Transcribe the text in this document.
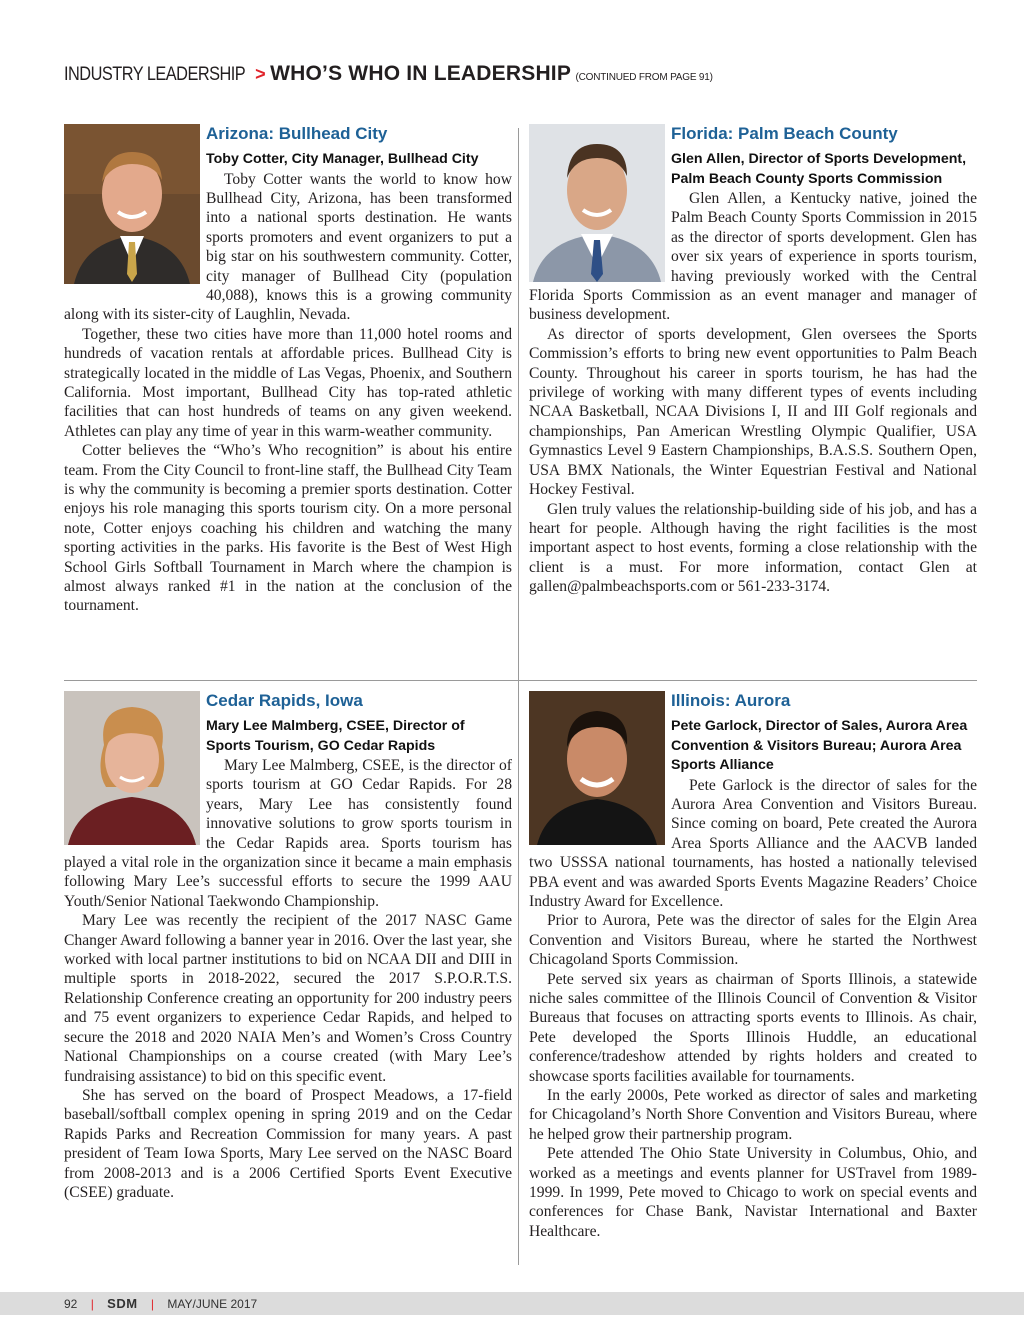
INDUSTRY LEADERSHIP > WHO’S WHO IN LEADERSHIP (CONTINUED FROM PAGE 91)
Arizona: Bullhead City
Toby Cotter, City Manager, Bullhead City

Toby Cotter wants the world to know how Bullhead City, Arizona, has been transformed into a national sports destination. He wants sports promoters and event organizers to put a big star on his southwestern community. Cotter, city manager of Bullhead City (population 40,088), knows this is a growing community along with its sister-city of Laughlin, Nevada.

Together, these two cities have more than 11,000 hotel rooms and hundreds of vacation rentals at affordable prices. Bullhead City is strategically located in the middle of Las Vegas, Phoenix, and Southern California. Most important, Bullhead City has top-rated athletic facilities that can host hundreds of teams on any given weekend. Athletes can play any time of year in this warm-weather community.

Cotter believes the “Who’s Who recognition” is about his entire team. From the City Council to front-line staff, the Bullhead City Team is why the community is becoming a premier sports destination. Cotter enjoys his role managing this sports tourism city. On a more personal note, Cotter enjoys coaching his children and watching the many sporting activities in the parks. His favorite is the Best of West High School Girls Softball Tournament in March where the champion is almost always ranked #1 in the nation at the conclusion of the tournament.

Florida: Palm Beach County
Glen Allen, Director of Sports Development, Palm Beach County Sports Commission

Glen Allen, a Kentucky native, joined the Palm Beach County Sports Commission in 2015 as the director of sports development. Glen has over six years of experience in sports tourism, having previously worked with the Central Florida Sports Commission as an event manager and manager of business development.

As director of sports development, Glen oversees the Sports Commission’s efforts to bring new event opportunities to Palm Beach County. Throughout his career in sports tourism, he has had the privilege of working with many different types of events including NCAA Basketball, NCAA Divisions I, II and III Golf regionals and championships, Pan American Wrestling Olympic Qualifier, USA Gymnastics Level 9 Eastern Championships, B.A.S.S. Southern Open, USA BMX Nationals, the Winter Equestrian Festival and National Hockey Festival.

Glen truly values the relationship-building side of his job, and has a heart for people. Although having the right facilities is the most important aspect to host events, forming a close relationship with the client is a must. For more information, contact Glen at gallen@palmbeachsports.com or 561-233-3174.

Cedar Rapids, Iowa
Mary Lee Malmberg, CSEE, Director of Sports Tourism, GO Cedar Rapids

Mary Lee Malmberg, CSEE, is the director of sports tourism at GO Cedar Rapids. For 28 years, Mary Lee has consistently found innovative solutions to grow sports tourism in the Cedar Rapids area. Sports tourism has played a vital role in the organization since it became a main emphasis following Mary Lee’s successful efforts to secure the 1999 AAU Youth/Senior National Taekwondo Championship.

Mary Lee was recently the recipient of the 2017 NASC Game Changer Award following a banner year in 2016. Over the last year, she worked with local partner institutions to bid on NCAA DII and DIII in multiple sports in 2018-2022, secured the 2017 S.P.O.R.T.S. Relationship Conference creating an opportunity for 200 industry peers and 75 event organizers to experience Cedar Rapids, and helped to secure the 2018 and 2020 NAIA Men’s and Women’s Cross Country National Championships on a course created (with Mary Lee’s fundraising assistance) to bid on this specific event.

She has served on the board of Prospect Meadows, a 17-field baseball/softball complex opening in spring 2019 and on the Cedar Rapids Parks and Recreation Commission for many years. A past president of Team Iowa Sports, Mary Lee served on the NASC Board from 2008-2013 and is a 2006 Certified Sports Event Executive (CSEE) graduate.

Illinois: Aurora
Pete Garlock, Director of Sales, Aurora Area Convention & Visitors Bureau; Aurora Area Sports Alliance

Pete Garlock is the director of sales for the Aurora Area Convention and Visitors Bureau. Since coming on board, Pete created the Aurora Area Sports Alliance and the AACVB landed two USSSA national tournaments, has hosted a nationally televised PBA event and was awarded Sports Events Magazine Readers’ Choice Industry Award for Excellence.

Prior to Aurora, Pete was the director of sales for the Elgin Area Convention and Visitors Bureau, where he started the Northwest Chicagoland Sports Commission.

Pete served six years as chairman of Sports Illinois, a statewide niche sales committee of the Illinois Council of Convention & Visitor Bureaus that focuses on attracting sports events to Illinois. As chair, Pete developed the Sports Illinois Huddle, an educational conference/tradeshow attended by rights holders and created to showcase sports facilities available for tournaments.

In the early 2000s, Pete worked as director of sales and marketing for Chicagoland’s North Shore Convention and Visitors Bureau, where he helped grow their partnership program.

Pete attended The Ohio State University in Columbus, Ohio, and worked as a meetings and events planner for USTravel from 1989-1999. In 1999, Pete moved to Chicago to work on special events and conferences for Chase Bank, Navistar International and Baxter Healthcare.

92 | SDM | MAY/JUNE 2017
